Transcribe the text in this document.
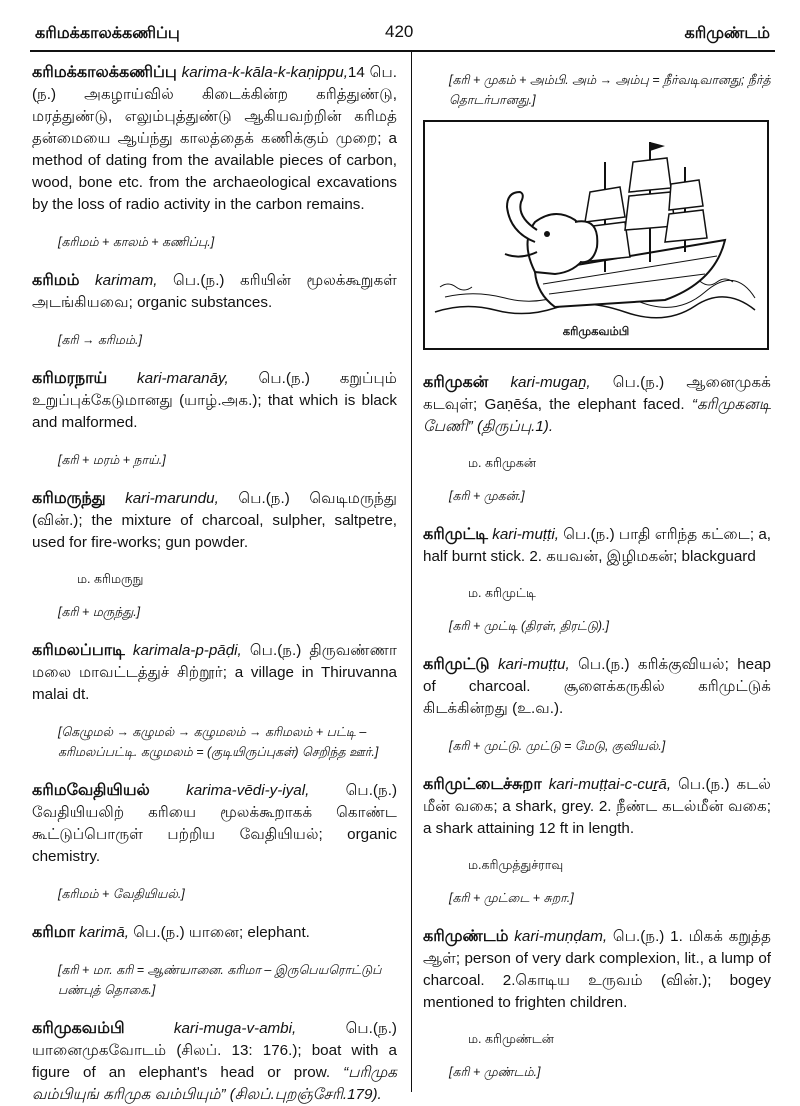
கரிமக்காலக்கணிப்பு	420	கரிமுண்டம்

கரிமக்காலக்கணிப்பு karima-k-kāla-k-kaṇippu,14 பெ.(ந.) அகழாய்வில் கிடைக்கின்ற கரித்துண்டு, மரத்துண்டு, எலும்புத்துண்டு ஆகியவற்றின் கரிமத் தன்மையை ஆய்ந்து காலத்தைக் கணிக்கும் முறை; a method of dating from the available pieces of carbon, wood, bone etc. from the archaeological excavations by the loss of radio activity in the carbon remains.

[கரிமம் + காலம் + கணிப்பு.]

கரிமம் karimam, பெ.(ந.) கரியின் மூலக்கூறுகள் அடங்கியவை; organic substances.

[கரி → கரிமம்.]

கரிமரநாய் kari-maranāy, பெ.(ந.) கறுப்பும் உறுப்புக்கேடுமானது (யாழ்.அக.); that which is black and malformed.

[கரி + மரம் + நாய்.]

கரிமருந்து kari-marundu, பெ.(ந.) வெடிமருந்து (வின்.); the mixture of charcoal, sulpher, saltpetre, used for fire-works; gun powder.

ம. கரிமருநு

[கரி + மருந்து.]

கரிமலப்பாடி karimala-p-pāḍi, பெ.(ந.) திருவண்ணா மலை மாவட்டத்துச் சிற்றூர்; a village in Thiruvanna malai dt.

[கெழுமல் → கழுமல் → கழுமலம் → கரிமலம் + பட்டி – கரிமலப்பட்டி. கழுமலம் = (குடியிருப்புகள்) செறிந்த ஊர்.]

கரிமவேதியியல் karima-vēdi-y-iyal, பெ.(ந.) வேதியியலிற் கரியை மூலக்கூறாகக் கொண்ட கூட்டுப்பொருள் பற்றிய வேதியியல்; organic chemistry.

[கரிமம் + வேதியியல்.]

கரிமா karimā, பெ.(ந.) யானை; elephant.

[கரி + மா. கரி = ஆண்யானை. கரிமா – இருபெயரொட்டுப் பண்புத் தொகை.]

கரிமுகவம்பி	kari-muga-v-ambi,	பெ.(ந.) யானைமுகவோடம் (சிலப். 13: 176.); boat with a figure of an elephant's head or prow. “பரிமுக வம்பியுங் கரிமுக வம்பியும்” (சிலப்.புறஞ்சேரி.179).

[கரி + முகம் + அம்பி. அம் → அம்பு = நீர்வடிவானது; நீர்த் தொடர்பானது.]

கரிமுகவம்பி

கரிமுகன் kari-mugaṉ, பெ.(ந.) ஆனைமுகக் கடவுள்; Gaṇēśa, the elephant faced. “கரிமுகனடி பேணி” (திருப்பு.1).

ம. கரிமுகன்

[கரி + முகன்.]

கரிமுட்டி kari-muṭṭi, பெ.(ந.) பாதி எரிந்த கட்டை; a, half burnt stick. 2. கயவன், இழிமகன்; blackguard

ம. கரிமுட்டி

[கரி + முட்டி (திரள், திரட்டு).]

கரிமுட்டு kari-muṭṭu, பெ.(ந.) கரிக்குவியல்; heap of charcoal. சூளைக்கருகில் கரிமுட்டுக் கிடக்கின்றது (உ.வ.).

[கரி + முட்டு. முட்டு = மேடு, குவியல்.]

கரிமுட்டைச்சுறா kari-muṭṭai-c-cuṟā, பெ.(ந.) கடல் மீன் வகை; a shark, grey. 2. நீண்ட கடல்மீன் வகை; a shark attaining 12 ft in length.

ம.கரிமுத்துச்ராவு

[கரி + முட்டை + சுறா.]

கரிமுண்டம் kari-muṇḍam, பெ.(ந.) 1. மிகக் கறுத்த ஆள்; person of very dark complexion, lit., a lump of charcoal. 2.கொடிய உருவம் (வின்.); bogey mentioned to frighten children.

ம. கரிமுண்டன்

[கரி + முண்டம்.]
